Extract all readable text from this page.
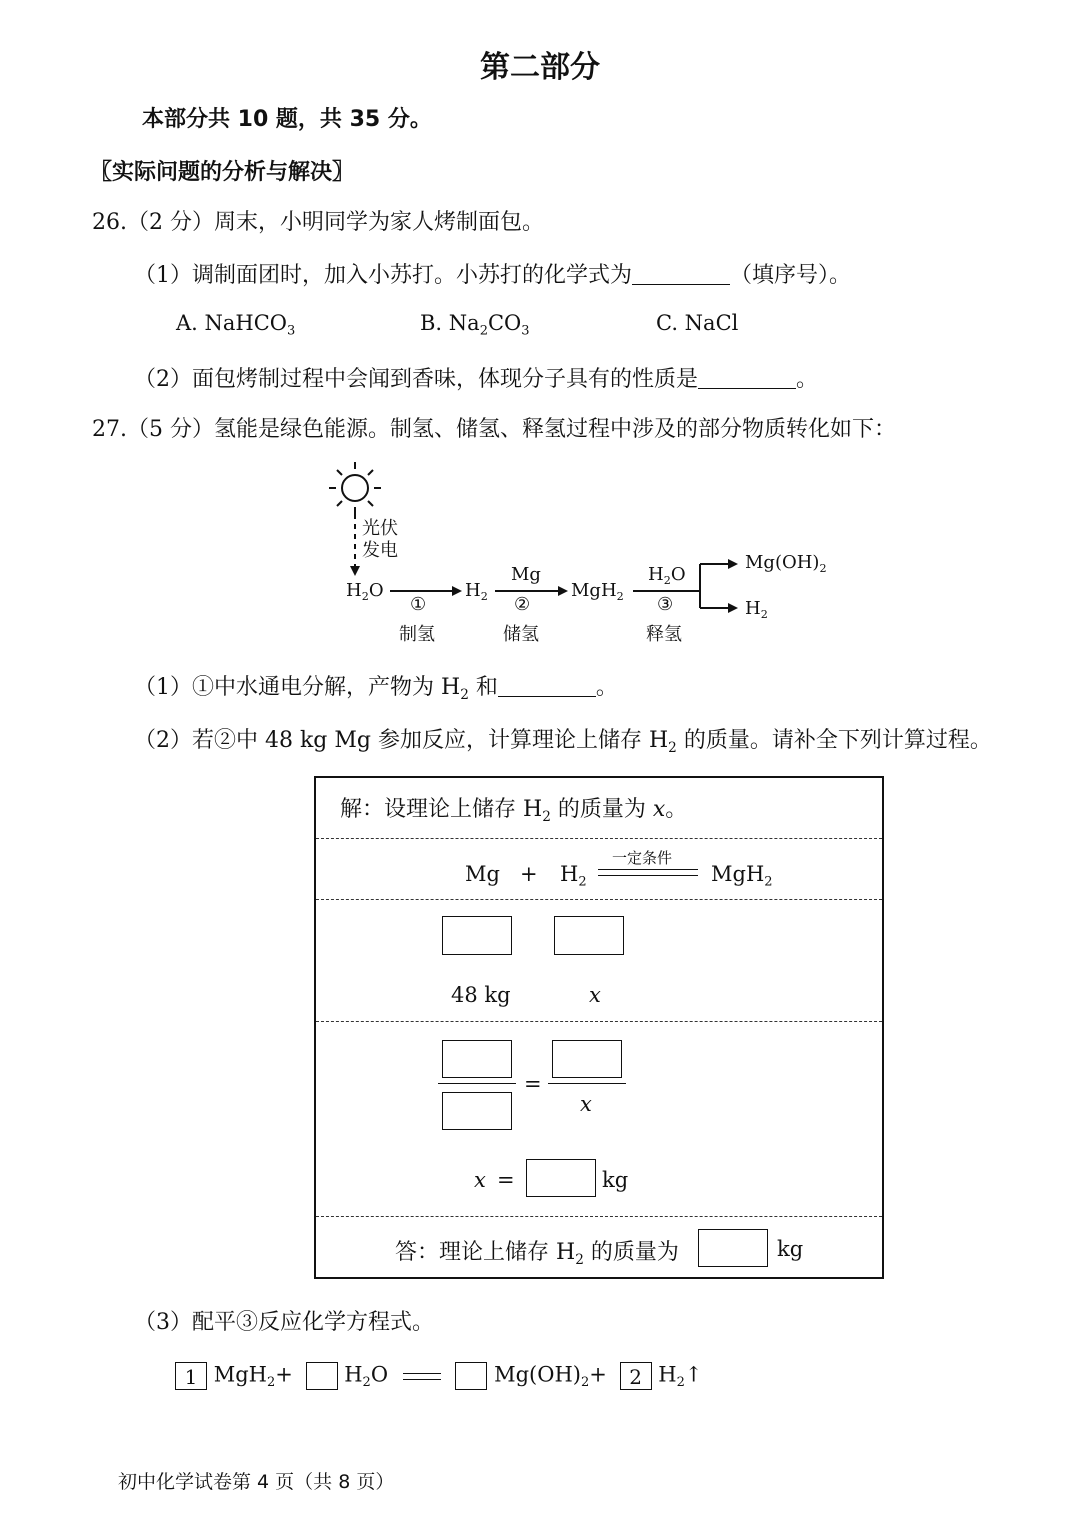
第二部分
本部分共 10 题，共 35 分。
〖实际问题的分析与解决〗
26.（2 分）周末，小明同学为家人烤制面包。
（1）调制面团时，加入小苏打。小苏打的化学式为	（填序号）。
A. NaHCO$_3$	B. $Na_2CO_3$	C. NaCl
（2）面包烤制过程中会闻到香味，体现分子具有的性质是	。
27.（5 分）氢能是绿色能源。制氢、储氢、释氢过程中涉及的部分物质转化如下：
光伏
发电
$H_2O$	$H_2$
Mg
MgH$_2$
$H_2O$
$Mg(OH)_2$
$H_2$
①
制氢
②
储氢
③
释氢
（1）①中水通电分解，产物为 $H_2$ 和	。
（2）若②中 48 kg Mg 参加反应，计算理论上储存 $H_2$ 的质量。请补全下列计算过程。
解：设理论上储存 $H_2$ 的质量为 x。
$Mg + H_2$
一定条件
MgH$_2$
48 kg	x
=
x
x =	kg
答：理论上储存 $H_2$ 的质量为	kg
（3）配平③反应化学方程式。
1 $MgH_2+ H_2O$	$Mg(OH)_2+ 2$ $H_2↑$
初中化学试卷第 4 页（共 8 页）
